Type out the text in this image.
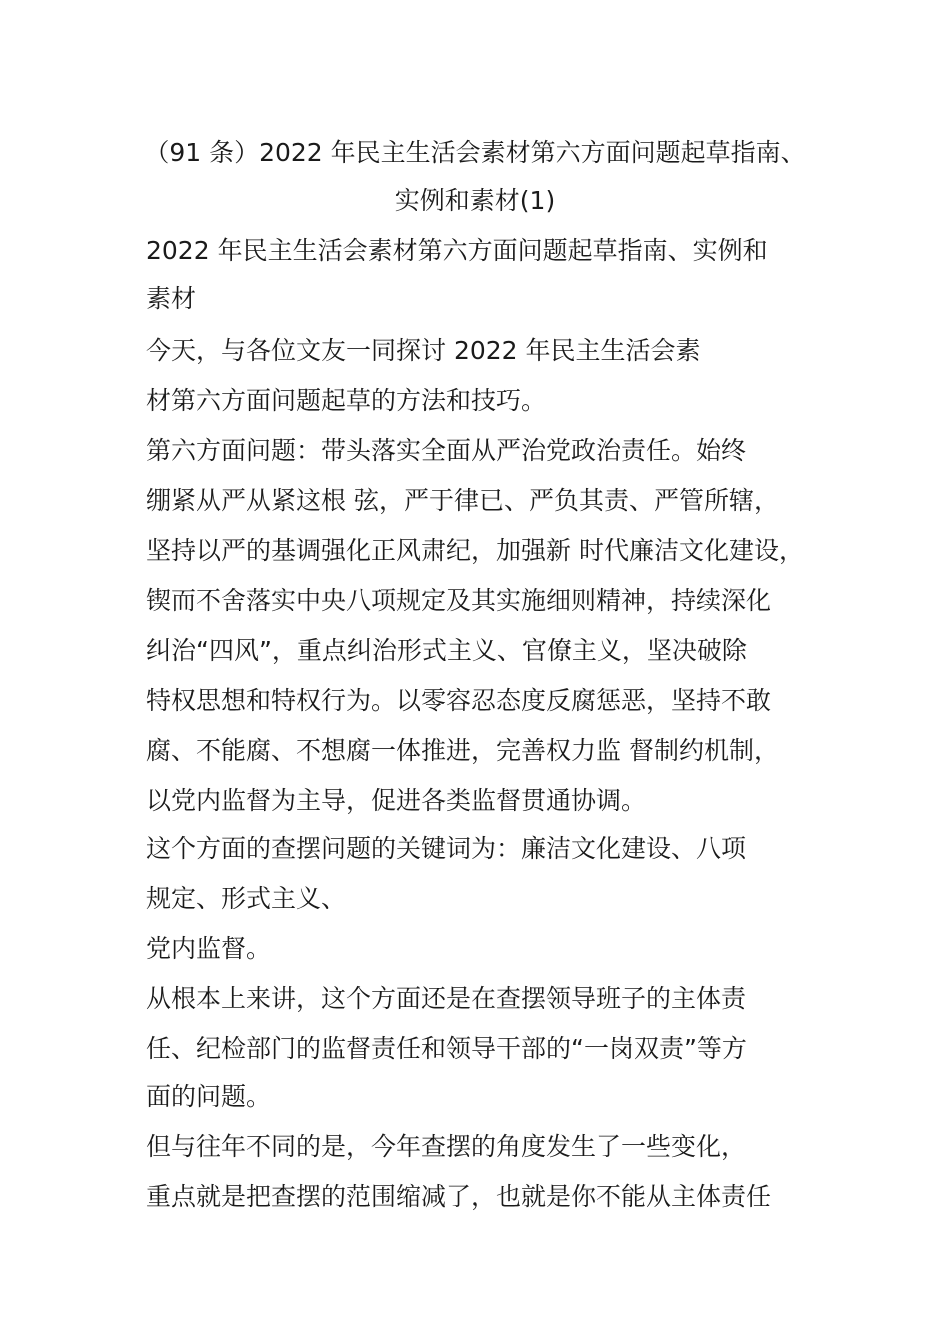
（91 条）2022 年民主生活会素材第六方面问题起草指南、

实例和素材(1)

2022 年民主生活会素材第六方面问题起草指南、实例和

素材

今天，与各位文友一同探讨 2022 年民主生活会素

材第六方面问题起草的方法和技巧。

第六方面问题：带头落实全面从严治党政治责任。始终

绷紧从严从紧这根 弦，严于律已、严负其责、严管所辖，

坚持以严的基调强化正风肃纪，加强新 时代廉洁文化建设，

锲而不舍落实中央八项规定及其实施细则精神，持续深化

纠治“四风”，重点纠治形式主义、官僚主义，坚决破除

特权思想和特权行为。以零容忍态度反腐惩恶，坚持不敢

腐、不能腐、不想腐一体推进，完善权力监 督制约机制，

以党内监督为主导，促进各类监督贯通协调。

这个方面的查摆问题的关键词为：廉洁文化建设、八项

规定、形式主义、

党内监督。

从根本上来讲，这个方面还是在查摆领导班子的主体责

任、纪检部门的监督责任和领导干部的“一岗双责”等方

面的问题。

但与往年不同的是，今年查摆的角度发生了一些变化，

重点就是把查摆的范围缩减了，也就是你不能从主体责任
